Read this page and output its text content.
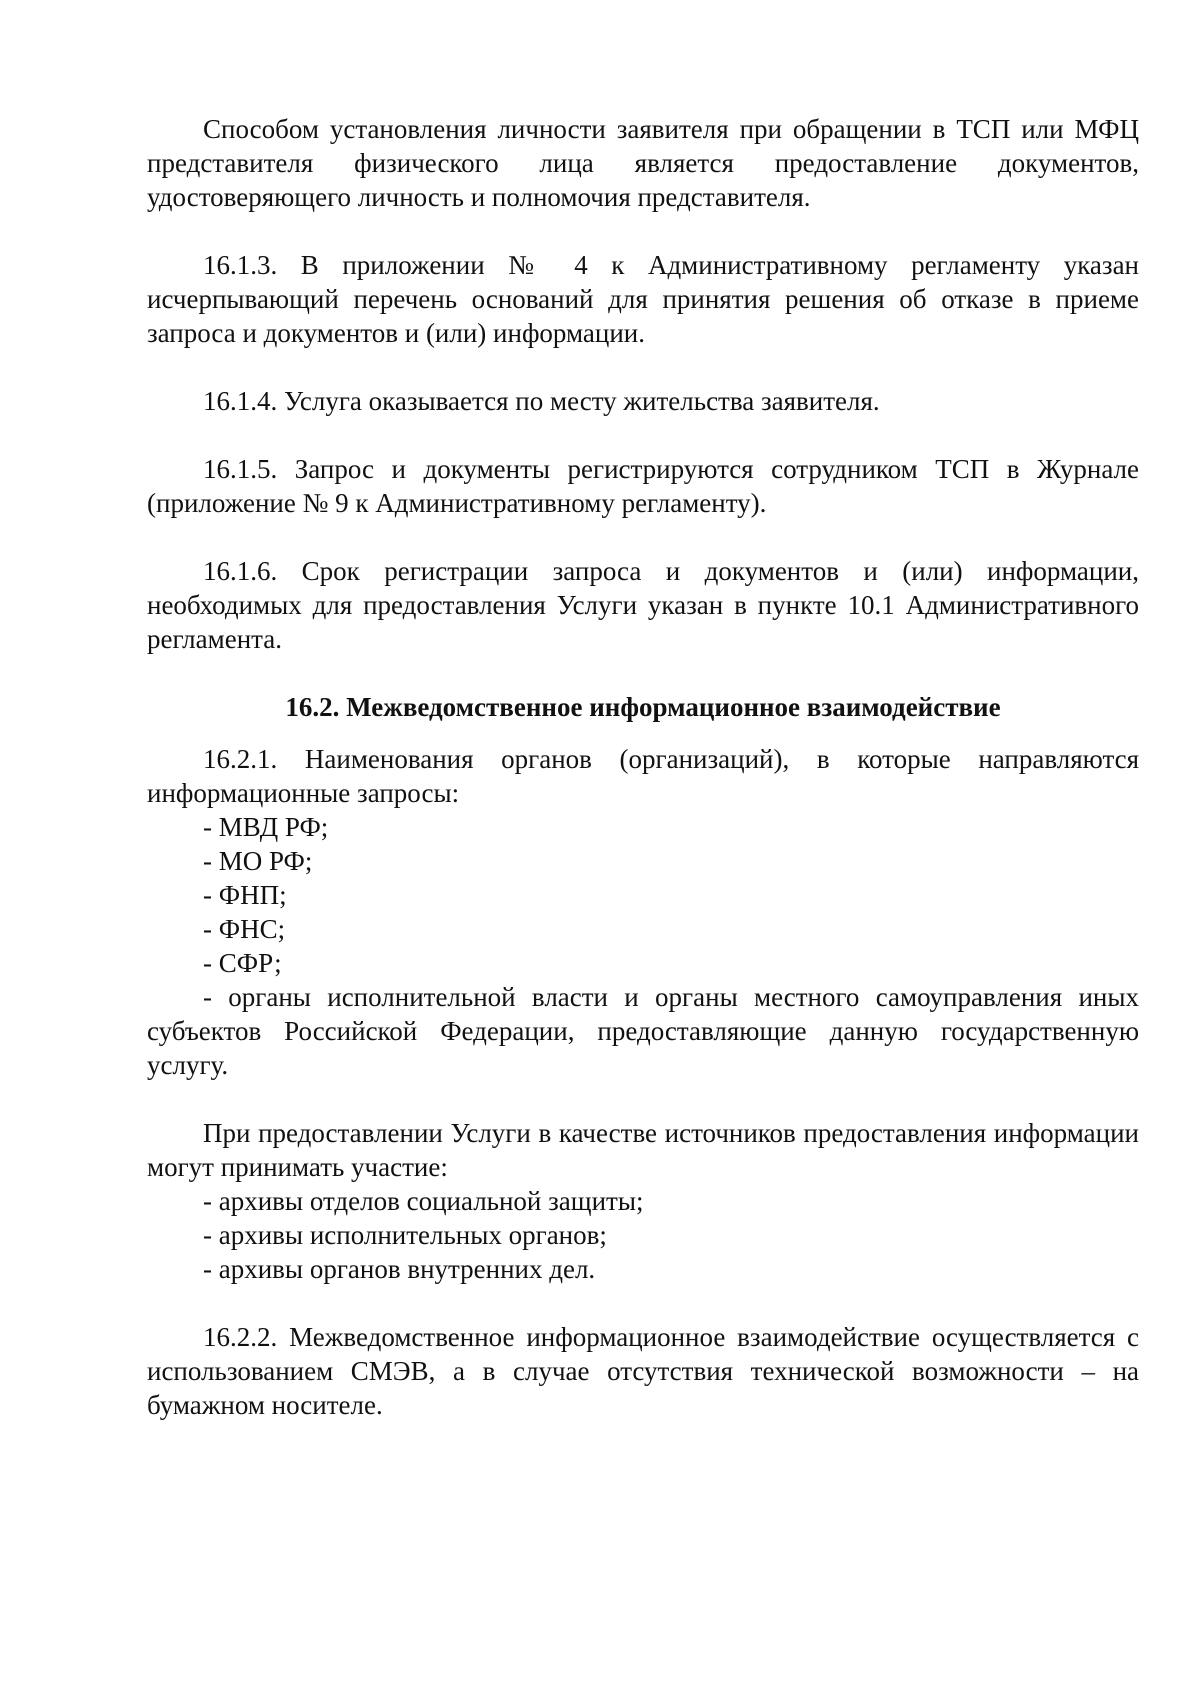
Способом установления личности заявителя при обращении в ТСП или МФЦ представителя физического лица является предоставление документов, удостоверяющего личность и полномочия представителя.

16.1.3. В приложении № 4 к Административному регламенту указан исчерпывающий перечень оснований для принятия решения об отказе в приеме запроса и документов и (или) информации.

16.1.4. Услуга оказывается по месту жительства заявителя.

16.1.5. Запрос и документы регистрируются сотрудником ТСП в Журнале (приложение № 9 к Административному регламенту).

16.1.6. Срок регистрации запроса и документов и (или) информации, необходимых для предоставления Услуги указан в пункте 10.1 Административного регламента.

16.2. Межведомственное информационное взаимодействие

16.2.1. Наименования органов (организаций), в которые направляются информационные запросы:

- МВД РФ;

- МО РФ;

- ФНП;

- ФНС;

- СФР;

- органы исполнительной власти и органы местного самоуправления иных субъектов Российской Федерации, предоставляющие данную государственную услугу.

При предоставлении Услуги в качестве источников предоставления информации могут принимать участие:

- архивы отделов социальной защиты;

- архивы исполнительных органов;

- архивы органов внутренних дел.

16.2.2. Межведомственное информационное взаимодействие осуществляется с использованием СМЭВ, а в случае отсутствия технической возможности – на бумажном носителе.
